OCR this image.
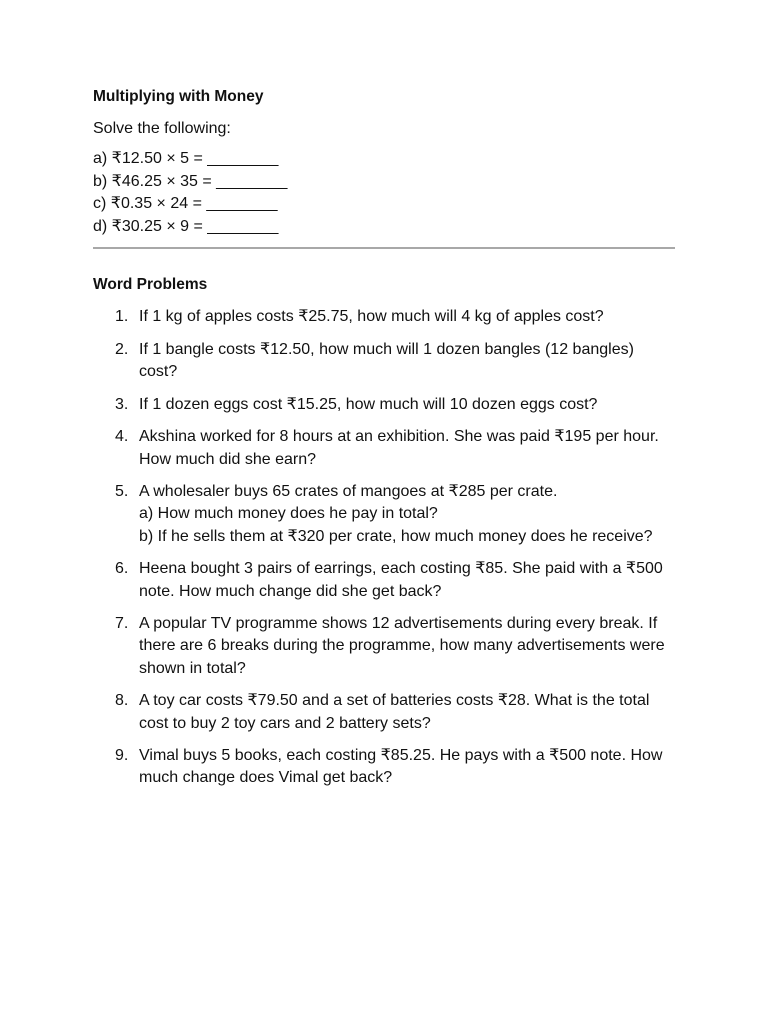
Multiplying with Money
Solve the following:
a) ₹12.50 × 5 = ________
b) ₹46.25 × 35 = ________
c) ₹0.35 × 24 = ________
d) ₹30.25 × 9 = ________
Word Problems
1. If 1 kg of apples costs ₹25.75, how much will 4 kg of apples cost?
2. If 1 bangle costs ₹12.50, how much will 1 dozen bangles (12 bangles) cost?
3. If 1 dozen eggs cost ₹15.25, how much will 10 dozen eggs cost?
4. Akshina worked for 8 hours at an exhibition. She was paid ₹195 per hour. How much did she earn?
5. A wholesaler buys 65 crates of mangoes at ₹285 per crate.
a) How much money does he pay in total?
b) If he sells them at ₹320 per crate, how much money does he receive?
6. Heena bought 3 pairs of earrings, each costing ₹85. She paid with a ₹500 note. How much change did she get back?
7. A popular TV programme shows 12 advertisements during every break. If there are 6 breaks during the programme, how many advertisements were shown in total?
8. A toy car costs ₹79.50 and a set of batteries costs ₹28. What is the total cost to buy 2 toy cars and 2 battery sets?
9. Vimal buys 5 books, each costing ₹85.25. He pays with a ₹500 note. How much change does Vimal get back?
